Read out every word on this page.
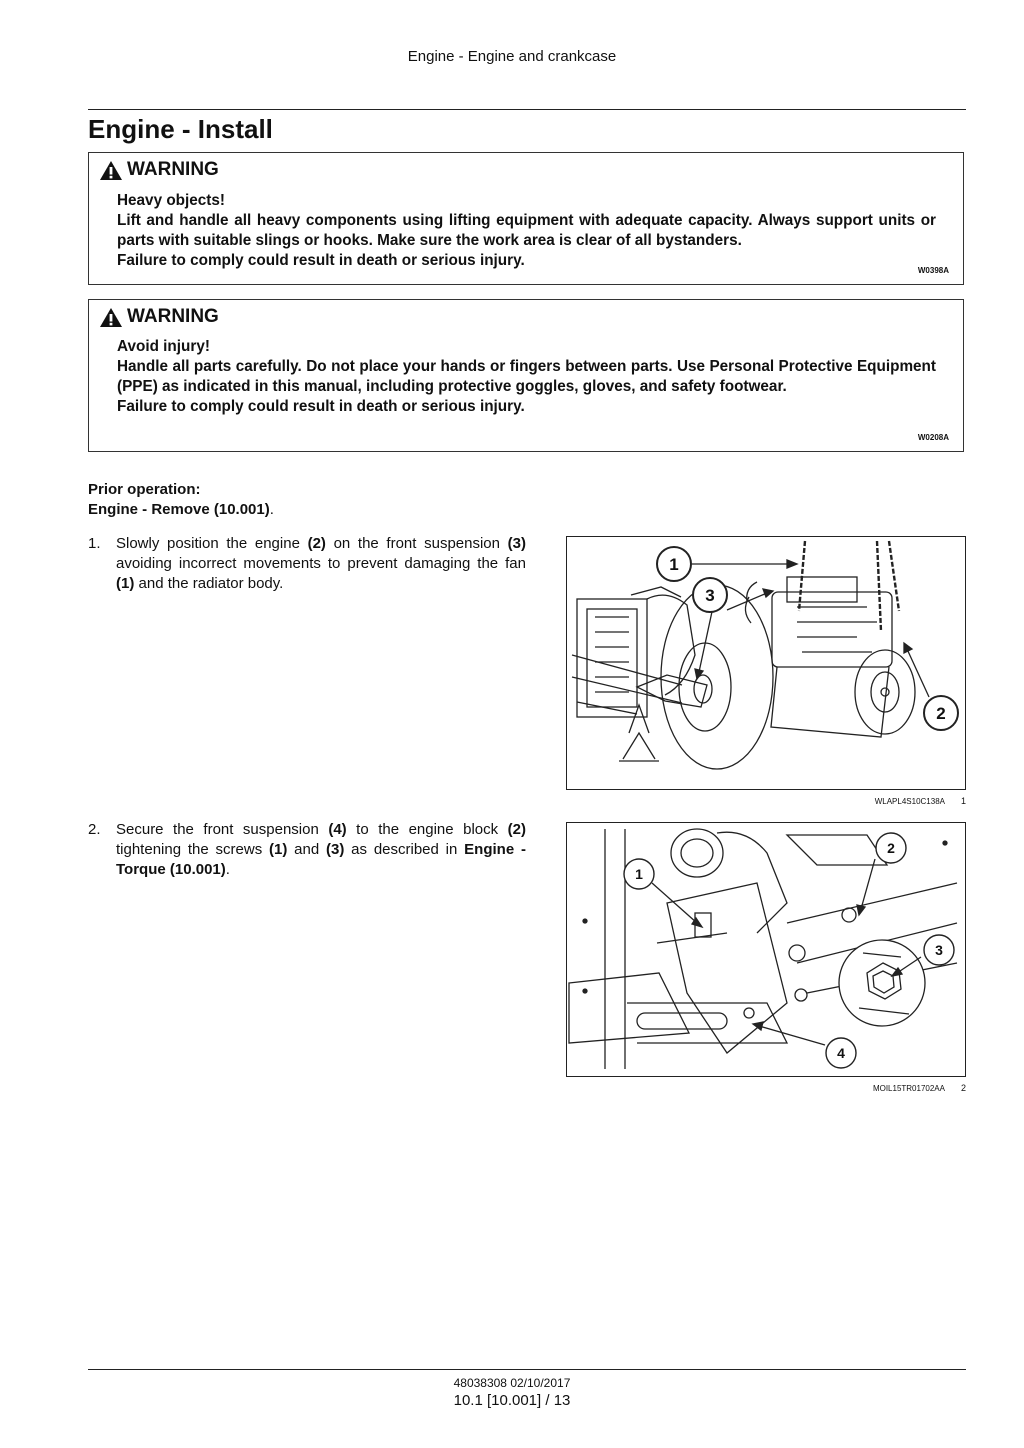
Engine - Engine and crankcase
Engine - Install
WARNING
Heavy objects!
Lift and handle all heavy components using lifting equipment with adequate capacity. Always support units or parts with suitable slings or hooks. Make sure the work area is clear of all bystanders.
Failure to comply could result in death or serious injury.
W0398A
WARNING
Avoid injury!
Handle all parts carefully. Do not place your hands or fingers between parts. Use Personal Protective Equipment (PPE) as indicated in this manual, including protective goggles, gloves, and safety footwear.
Failure to comply could result in death or serious injury.
W0208A
Prior operation:
Engine - Remove (10.001).
1. Slowly position the engine (2) on the front suspension (3) avoiding incorrect movements to prevent damaging the fan (1) and the radiator body.
1
3
2
WLAPL4S10C138A 1
2. Secure the front suspension (4) to the engine block (2) tightening the screws (1) and (3) as described in Engine - Torque (10.001).
2
1
3
4
MOIL15TR01702AA 2
48038308 02/10/2017
10.1 [10.001] / 13
